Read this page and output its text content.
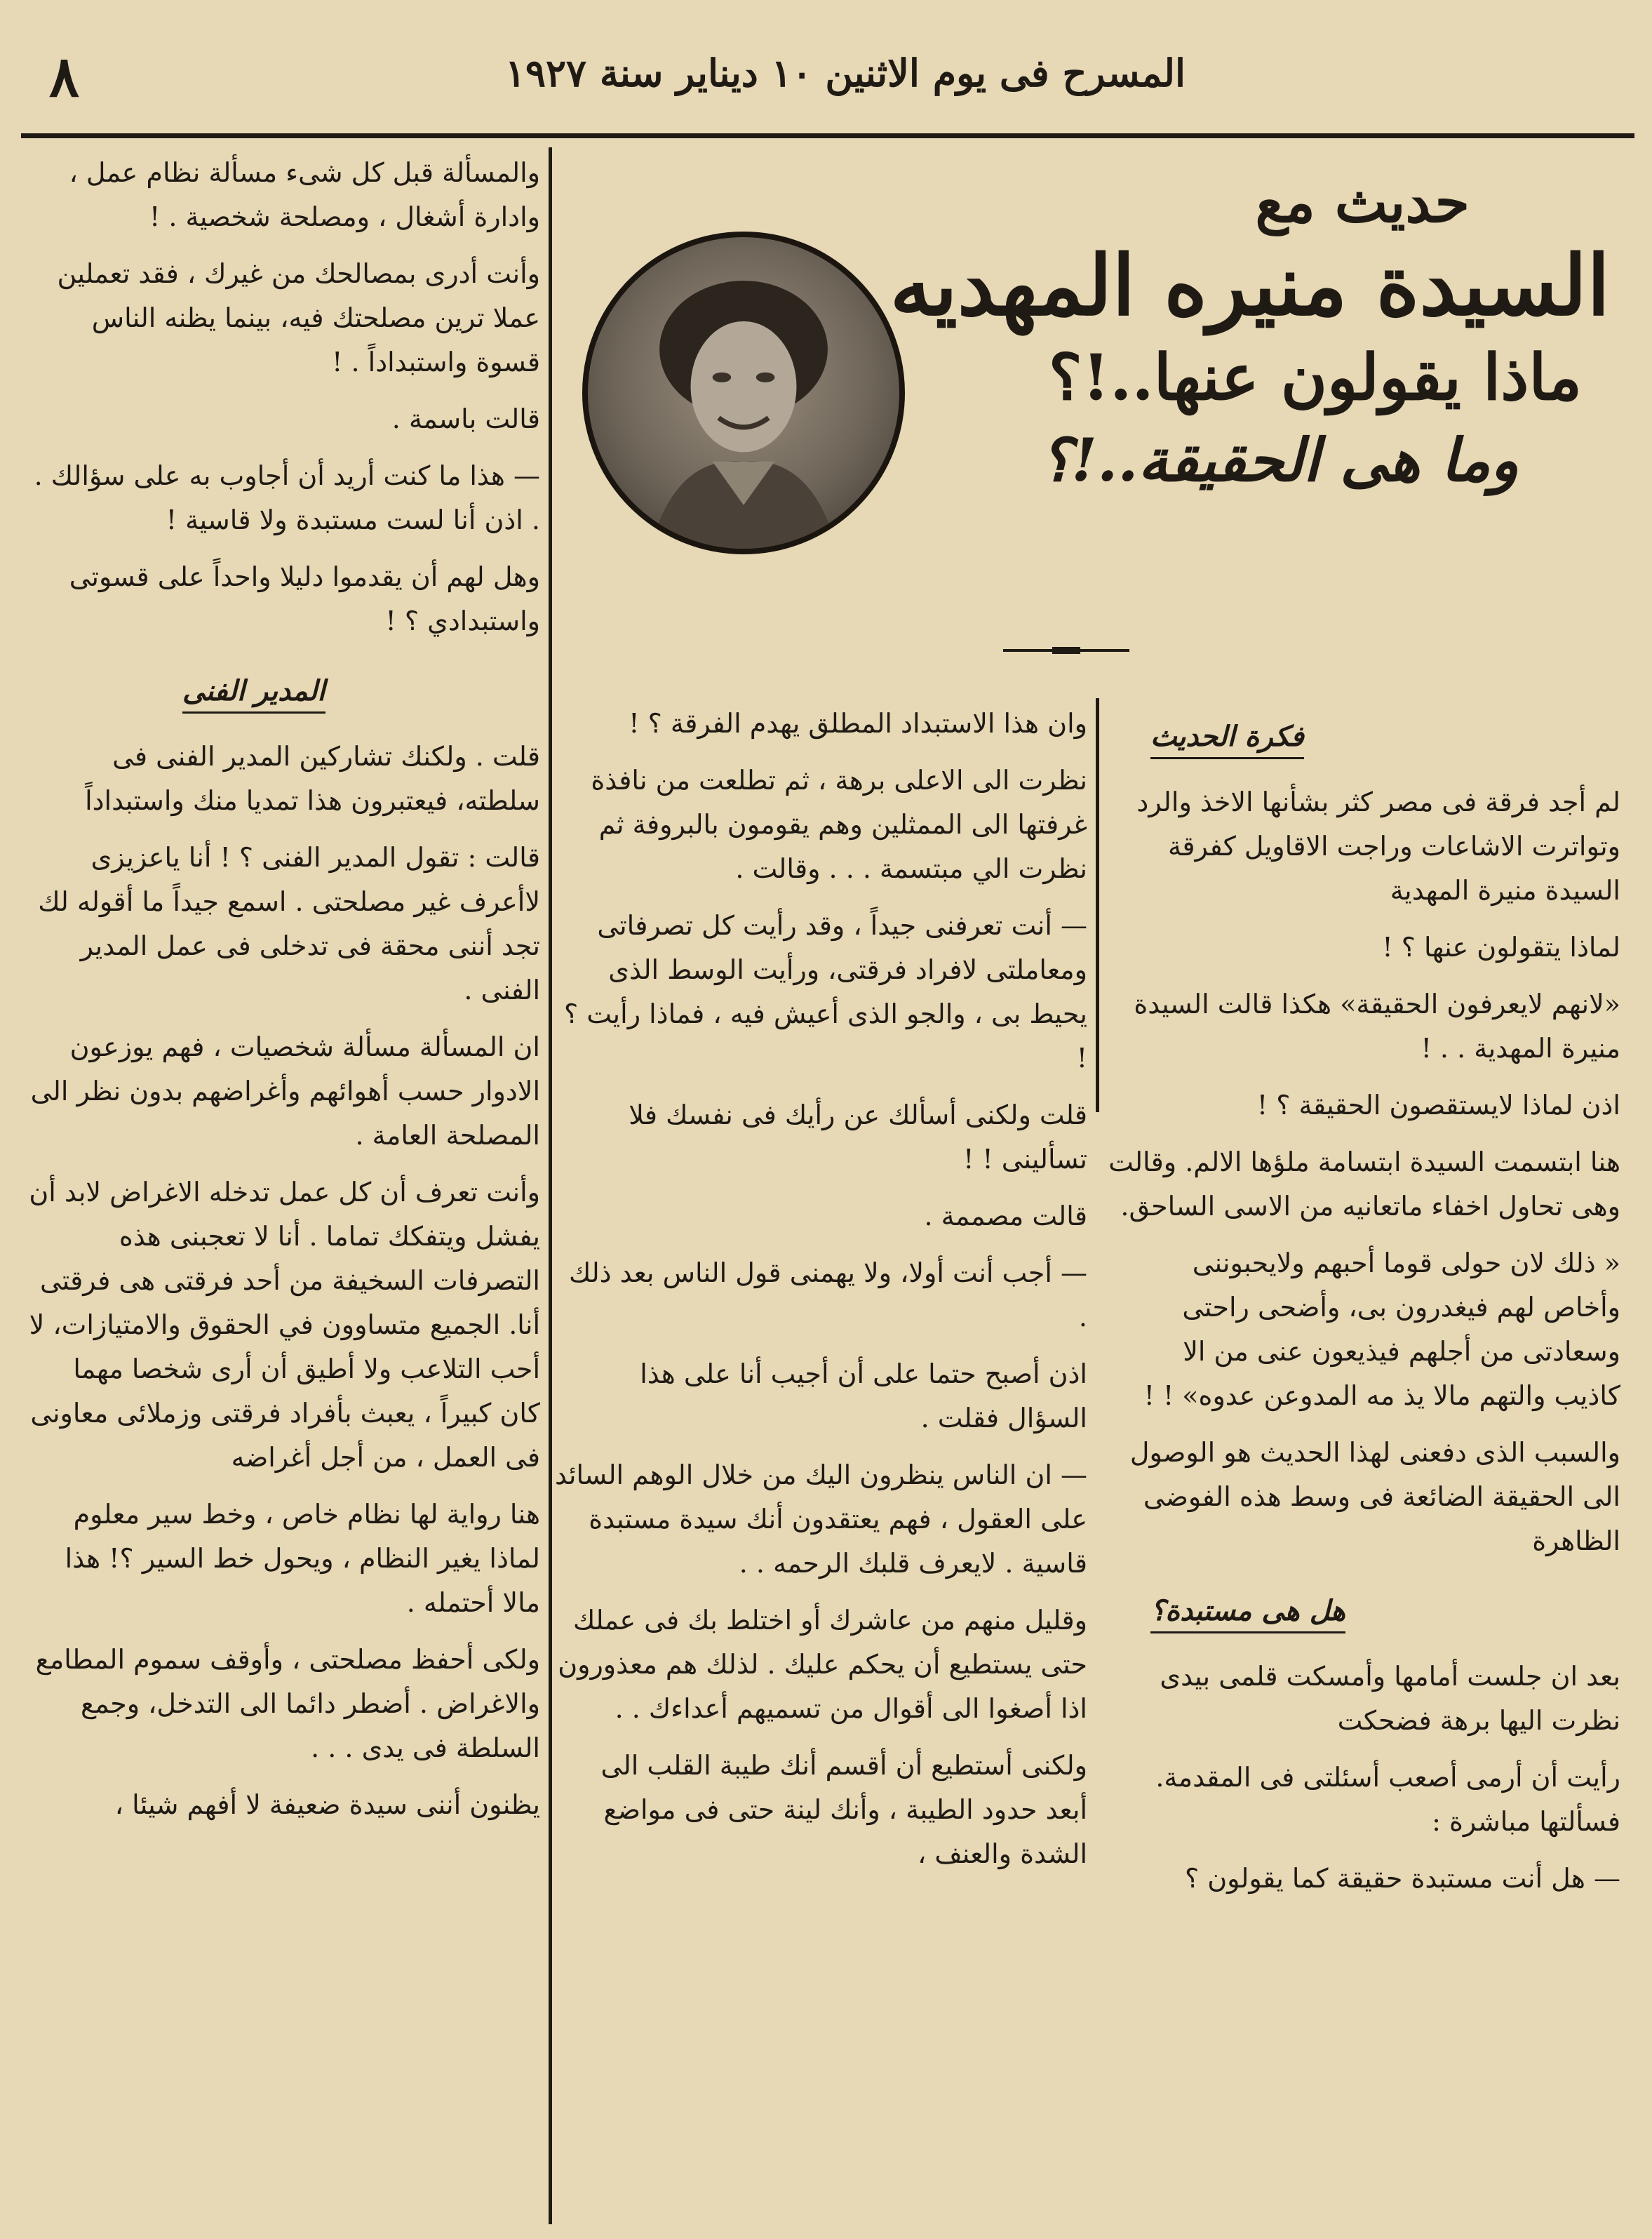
المسرح فى يوم الاثنين ١٠ ديناير سنة ١٩٢٧
٨
حديث مع
السيدة منيره المهديه
ماذا يقولون عنها..!؟
وما هى الحقيقة..!؟
فكرة الحديث

لم أجد فرقة فى مصر كثر بشأنها الاخذ والرد وتواترت الاشاعات وراجت الاقاويل كفرقة السيدة منيرة المهدية

لماذا يتقولون عنها ؟ !

«لانهم لايعرفون الحقيقة» هكذا قالت السيدة منيرة المهدية . . !

اذن لماذا لايستقصون الحقيقة ؟ !

هنا ابتسمت السيدة ابتسامة ملؤها الالم. وقالت وهى تحاول اخفاء ماتعانيه من الاسى الساحق.

« ذلك لان حولى قوما أحبهم ولايحبوننى وأخاص لهم فيغدرون بى، وأضحى راحتى وسعادتى من أجلهم فيذيعون عنى من الا كاذيب والتهم مالا يذ مه المدوعن عدوه» ! !

والسبب الذى دفعنى لهذا الحديث هو الوصول الى الحقيقة الضائعة فى وسط هذه الفوضى الظاهرة

هل هى مستبدة؟

بعد ان جلست أمامها وأمسكت قلمى بيدى نظرت اليها برهة فضحكت

رأيت أن أرمى أصعب أسئلتى فى المقدمة. فسألتها مباشرة :

— هل أنت مستبدة حقيقة كما يقولون ؟

وان هذا الاستبداد المطلق يهدم الفرقة ؟ !

نظرت الى الاعلى برهة ، ثم تطلعت من نافذة غرفتها الى الممثلين وهم يقومون بالبروفة ثم نظرت الي مبتسمة . . . وقالت .

— أنت تعرفنى جيداً ، وقد رأيت كل تصرفاتى ومعاملتى لافراد فرقتى، ورأيت الوسط الذى يحيط بى ، والجو الذى أعيش فيه ، فماذا رأيت ؟ !

قلت ولكنى أسألك عن رأيك فى نفسك فلا تسألينى ! !

قالت مصممة .

— أجب أنت أولا، ولا يهمنى قول الناس بعد ذلك .

اذن أصبح حتما على أن أجيب أنا على هذا السؤال فقلت .

— ان الناس ينظرون اليك من خلال الوهم السائد على العقول ، فهم يعتقدون أنك سيدة مستبدة قاسية . لايعرف قلبك الرحمه . .

وقليل منهم من عاشرك أو اختلط بك فى عملك حتى يستطيع أن يحكم عليك . لذلك هم معذورون اذا أصغوا الى أقوال من تسميهم أعداءك . .

ولكنى أستطيع أن أقسم أنك طيبة القلب الى أبعد حدود الطيبة ، وأنك لينة حتى فى مواضع الشدة والعنف ،

والمسألة قبل كل شىء مسألة نظام عمل ، وادارة أشغال ، ومصلحة شخصية . !

وأنت أدرى بمصالحك من غيرك ، فقد تعملين عملا ترين مصلحتك فيه، بينما يظنه الناس قسوة واستبداداً . !

قالت باسمة .

— هذا ما كنت أريد أن أجاوب به على سؤالك . . اذن أنا لست مستبدة ولا قاسية !

وهل لهم أن يقدموا دليلا واحداً على قسوتى واستبدادي ؟ !

المدير الفنى

قلت . ولكنك تشاركين المدير الفنى فى سلطته، فيعتبرون هذا تمديا منك واستبداداً

قالت : تقول المدير الفنى ؟ ! أنا ياعزيزى لاأعرف غير مصلحتى . اسمع جيداً ما أقوله لك تجد أننى محقة فى تدخلى فى عمل المدير الفنى .

ان المسألة مسألة شخصيات ، فهم يوزعون الادوار حسب أهوائهم وأغراضهم بدون نظر الى المصلحة العامة .

وأنت تعرف أن كل عمل تدخله الاغراض لابد أن يفشل ويتفكك تماما . أنا لا تعجبنى هذه التصرفات السخيفة من أحد فرقتى هى فرقتى أنا. الجميع متساوون في الحقوق والامتيازات، لا أحب التلاعب ولا أطيق أن أرى شخصا مهما كان كبيراً ، يعبث بأفراد فرقتى وزملائى معاونى فى العمل ، من أجل أغراضه

هنا رواية لها نظام خاص ، وخط سير معلوم لماذا يغير النظام ، ويحول خط السير ؟! هذا مالا أحتمله .

ولكى أحفظ مصلحتى ، وأوقف سموم المطامع والاغراض . أضطر دائما الى التدخل، وجمع السلطة فى يدى . . .

يظنون أننى سيدة ضعيفة لا أفهم شيئا ،
